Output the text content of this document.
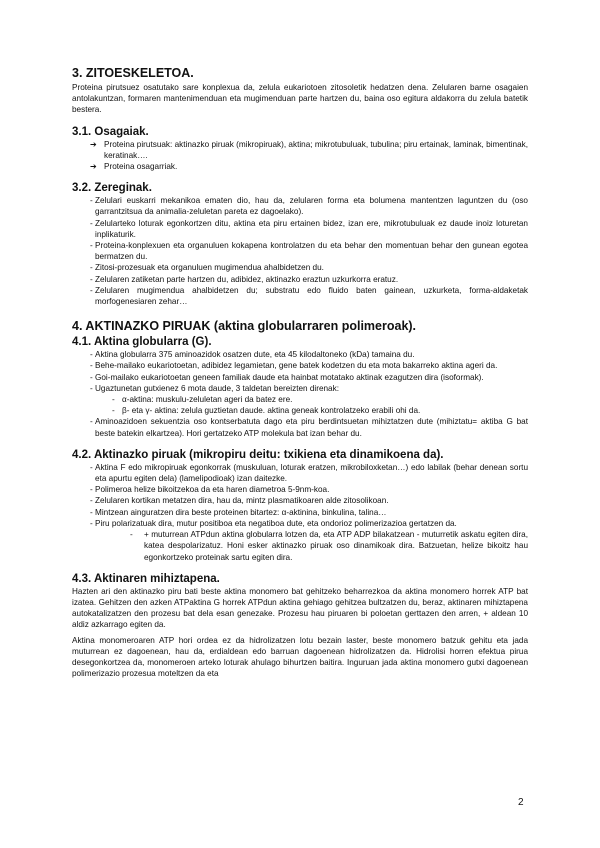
3. ZITOESKELETOA.

Proteina pirutsuez osatutako sare konplexua da, zelula eukariotoen zitosoletik hedatzen dena. Zelularen barne osagaien antolakuntzan, formaren mantenimenduan eta mugimenduan parte hartzen du, baina oso egitura aldakorra du zelula batetik bestera.

3.1. Osagaiak.
➔ Proteina pirutsuak: aktinazko piruak (mikropiruak), aktina; mikrotubuluak, tubulina; piru ertainak, laminak, bimentinak, keratinak….
➔ Proteina osagarriak.
3.2. Zereginak.
- Zelulari euskarri mekanikoa ematen dio, hau da, zelularen forma eta bolumena mantentzen laguntzen du (oso garrantzitsua da animalia-zeluletan pareta ez dagoelako).
- Zelularteko loturak egonkortzen ditu, aktina eta piru ertainen bidez, izan ere, mikrotubuluak ez daude inoiz loturetan inplikaturik.
- Proteina-konplexuen eta organuluen kokapena kontrolatzen du eta behar den momentuan behar den gunean egotea bermatzen du.
- Zitosi-prozesuak eta organuluen mugimendua ahalbidetzen du.
- Zelularen zatiketan parte hartzen du, adibidez, aktinazko eraztun uzkurkorra eratuz.
- Zelularen mugimendua ahalbidetzen du; substratu edo fluido baten gainean, uzkurketa, forma-aldaketak morfogenesiaren zehar…
4. AKTINAZKO PIRUAK (aktina globularraren polimeroak).
4.1. Aktina globularra (G).
- Aktina globularra 375 aminoazidok osatzen dute, eta 45 kilodaltoneko (kDa) tamaina du.
- Behe-mailako eukariotoetan, adibidez legamietan, gene batek kodetzen du eta mota bakarreko aktina ageri da.
- Goi-mailako eukariotoetan geneen familiak daude eta hainbat motatako aktinak ezagutzen dira (isoformak).
- Ugaztunetan gutxienez 6 mota daude, 3 taldetan bereizten direnak:
- α-aktina: muskulu-zeluletan ageri da batez ere.
- β- eta γ- aktina: zelula guztietan daude. aktina geneak kontrolatzeko erabili ohi da.
- Aminoazidoen sekuentzia oso kontserbatuta dago eta piru berdintsuetan mihiztatzen dute (mihiztatu= aktiba G bat beste batekin elkartzea). Hori gertatzeko ATP molekula bat izan behar du.
4.2. Aktinazko piruak (mikropiru deitu: txikiena eta dinamikoena da).
- Aktina F edo mikropiruak egonkorrak (muskuluan, loturak eratzen, mikrobiloxketan…) edo labilak (behar denean sortu eta apurtu egiten dela) (lamelipodioak) izan daitezke.
- Polimeroa helize bikoitzekoa da eta haren diametroa 5-9nm-koa.
- Zelularen kortikan metatzen dira, hau da, mintz plasmatikoaren alde zitosolikoan.
- Mintzean ainguratzen dira beste proteinen bitartez: α-aktinina, binkulina, talina…
- Piru polarizatuak dira, mutur positiboa eta negatiboa dute, eta ondorioz polimerizazioa gertatzen da.
- + muturrean ATPdun aktina globularra lotzen da, eta ATP ADP bilakatzean - muturretik askatu egiten dira, katea despolarizatuz. Honi esker aktinazko piruak oso dinamikoak dira. Batzuetan, helize bikoitz hau egonkortzeko proteinak sartu egiten dira.
4.3. Aktinaren mihiztapena.

Hazten ari den aktinazko piru bati beste aktina monomero bat gehitzeko beharrezkoa da aktina monomero horrek ATP bat izatea. Gehitzen den azken ATPaktina G horrek ATPdun aktina gehiago gehitzea bultzatzen du, beraz, aktinaren mihiztapena autokatalizatzen den prozesu bat dela esan genezake. Prozesu hau piruaren bi poloetan gerttazen den arren, + aldean 10 aldiz azkarrago egiten da.

Aktina monomeroaren ATP hori ordea ez da hidrolizatzen lotu bezain laster, beste monomero batzuk gehitu eta jada muturrean ez dagoenean, hau da, erdialdean edo barruan dagoenean hidrolizatzen da. Hidrolisi horren efektua pirua desegonkortzea da, monomeroen arteko loturak ahulago bihurtzen baitira. Inguruan jada aktina monomero gutxi dagoenean polimerizazio prozesua moteltzen da eta

2
